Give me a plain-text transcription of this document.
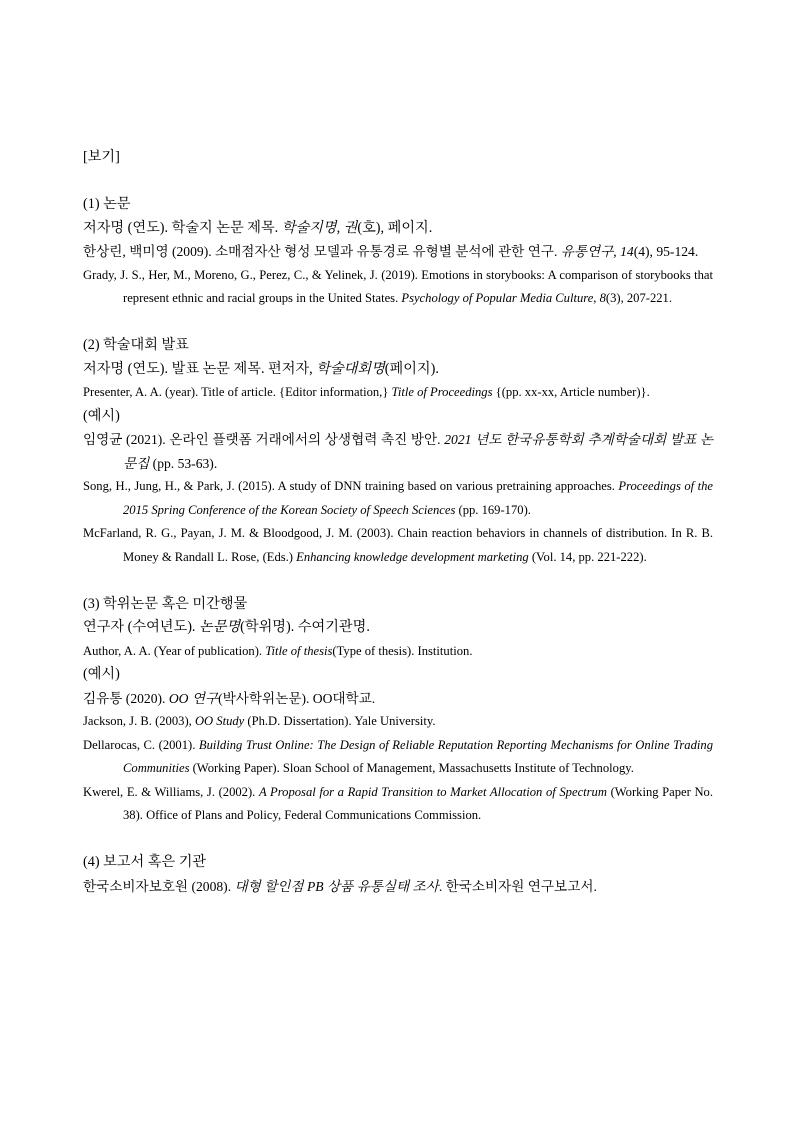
[보기]
(1) 논문
저자명 (연도). 학술지 논문 제목. 학술지명, 권(호), 페이지.

한상린, 백미영 (2009). 소매점자산 형성 모델과 유통경로 유형별 분석에 관한 연구. 유통연구, 14(4), 95-124.

Grady, J. S., Her, M., Moreno, G., Perez, C., & Yelinek, J. (2019). Emotions in storybooks: A comparison of storybooks that represent ethnic and racial groups in the United States. Psychology of Popular Media Culture, 8(3), 207-221.

(2) 학술대회 발표
저자명 (연도). 발표 논문 제목. 편저자, 학술대회명(페이지).
Presenter, A. A. (year). Title of article. {Editor information,} Title of Proceedings {(pp. xx-xx, Article number)}.
(예시)

임영균 (2021). 온라인 플랫폼 거래에서의 상생협력 촉진 방안. 2021 년도 한국유통학회 추계학술대회 발표 논문집 (pp. 53-63).

Song, H., Jung, H., & Park, J. (2015). A study of DNN training based on various pretraining approaches. Proceedings of the 2015 Spring Conference of the Korean Society of Speech Sciences (pp. 169-170).

McFarland, R. G., Payan, J. M. & Bloodgood, J. M. (2003). Chain reaction behaviors in channels of distribution. In R. B. Money & Randall L. Rose, (Eds.) Enhancing knowledge development marketing (Vol. 14, pp. 221-222).

(3) 학위논문 혹은 미간행물
연구자 (수여년도). 논문명(학위명). 수여기관명.
Author, A. A. (Year of publication). Title of thesis(Type of thesis). Institution.
(예시)

김유통 (2020). OO 연구(박사학위논문). OO대학교.

Jackson, J. B. (2003), OO Study (Ph.D. Dissertation). Yale University.

Dellarocas, C. (2001). Building Trust Online: The Design of Reliable Reputation Reporting Mechanisms for Online Trading Communities (Working Paper). Sloan School of Management, Massachusetts Institute of Technology.

Kwerel, E. & Williams, J. (2002). A Proposal for a Rapid Transition to Market Allocation of Spectrum (Working Paper No. 38). Office of Plans and Policy, Federal Communications Commission.

(4) 보고서 혹은 기관

한국소비자보호원 (2008). 대형 할인점 PB 상품 유통실태 조사. 한국소비자원 연구보고서.
